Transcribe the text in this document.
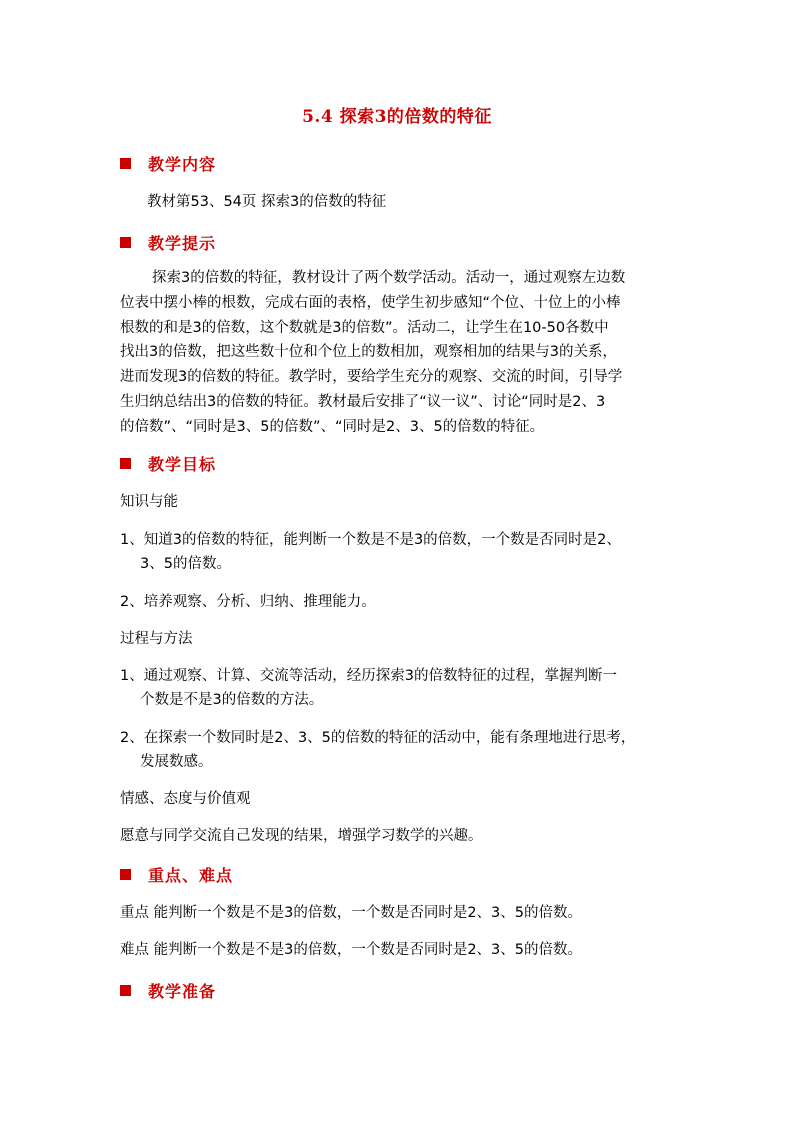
5.4 探索3的倍数的特征
教学内容
教材第53、54页 探索3的倍数的特征
教学提示
探索3的倍数的特征，教材设计了两个数学活动。活动一，通过观察左边数
位表中摆小棒的根数，完成右面的表格，使学生初步感知“个位、十位上的小棒
根数的和是3的倍数，这个数就是3的倍数”。活动二，让学生在10-50各数中
找出3的倍数，把这些数十位和个位上的数相加，观察相加的结果与3的关系，
进而发现3的倍数的特征。教学时，要给学生充分的观察、交流的时间，引导学
生归纳总结出3的倍数的特征。教材最后安排了“议一议”、讨论“同时是2、3
的倍数”、“同时是3、5的倍数”、“同时是2、3、5的倍数的特征。
教学目标
知识与能
1、知道3的倍数的特征，能判断一个数是不是3的倍数，一个数是否同时是2、
3、5的倍数。
2、培养观察、分析、归纳、推理能力。
过程与方法
1、通过观察、计算、交流等活动，经历探索3的倍数特征的过程，掌握判断一
个数是不是3的倍数的方法。
2、在探索一个数同时是2、3、5的倍数的特征的活动中，能有条理地进行思考，
发展数感。
情感、态度与价值观
愿意与同学交流自己发现的结果，增强学习数学的兴趣。
重点、难点
重点 能判断一个数是不是3的倍数，一个数是否同时是2、3、5的倍数。
难点 能判断一个数是不是3的倍数，一个数是否同时是2、3、5的倍数。
教学准备
